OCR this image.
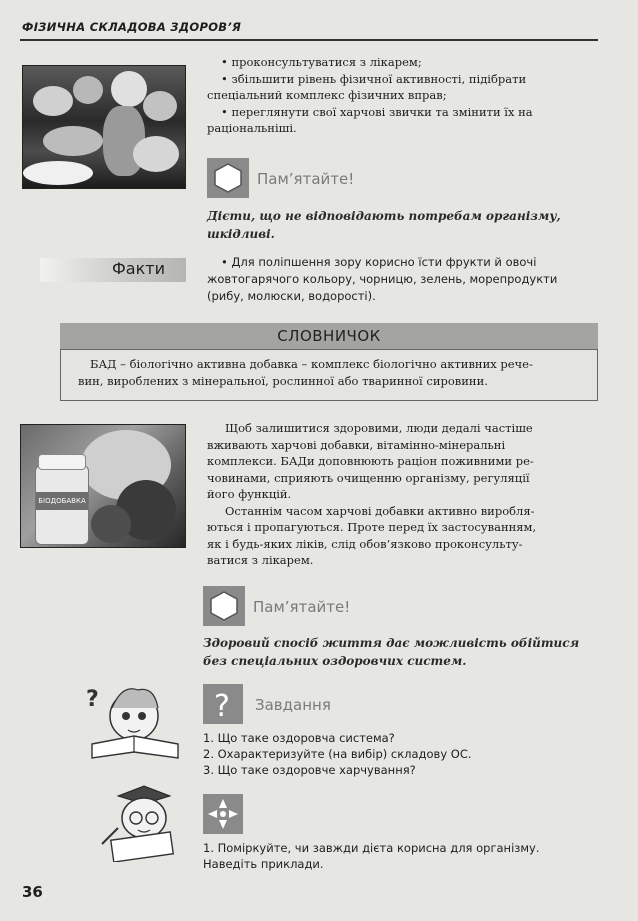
ФІЗИЧНА СКЛАДОВА ЗДОРОВ’Я

• проконсультуватися з лікарем;

• збільшити рівень фізичної активності, підібрати

спеціальний комплекс фізичних вправ;

• переглянути свої харчові звички та змінити їх на

раціональніші.

Пам’ятайте!
Дієти, що не відповідають потребам організму,
шкідливі.
Факти	• Для поліпшення зору корисно їсти фрукти й овочі
жовтогарячого кольору, чорницю, зелень, морепродукти
(рибу, молюски, водорості).
СЛОВНИЧОК
БАД – біологічно активна добавка – комплекс біологічно активних рече-
вин, вироблених з мінеральної, рослинної або тваринної сировини.
БІОДОБАВКА

Щоб залишитися здоровими, люди дедалі частіше
вживають харчові добавки, вітамінно-мінеральні
комплекси. БАДи доповнюють раціон поживними ре-
човинами, сприяють очищенню організму, регуляції
його функцій.

Останнім часом харчові добавки активно виробля-
ються і пропагуються. Проте перед їх застосуванням,
як і будь-яких ліків, слід обов’язково проконсульту-
ватися з лікарем.

Пам’ятайте!
Здоровий спосіб життя дає можливість обійтися
без спеціальних оздоровчих систем.
?	? Завдання

1. Що таке оздоровча система?

2. Охарактеризуйте (на вибір) складову ОС.

3. Що таке оздоровче харчування?

1. Поміркуйте, чи завжди дієта корисна для організму.

Наведіть приклади.

36
